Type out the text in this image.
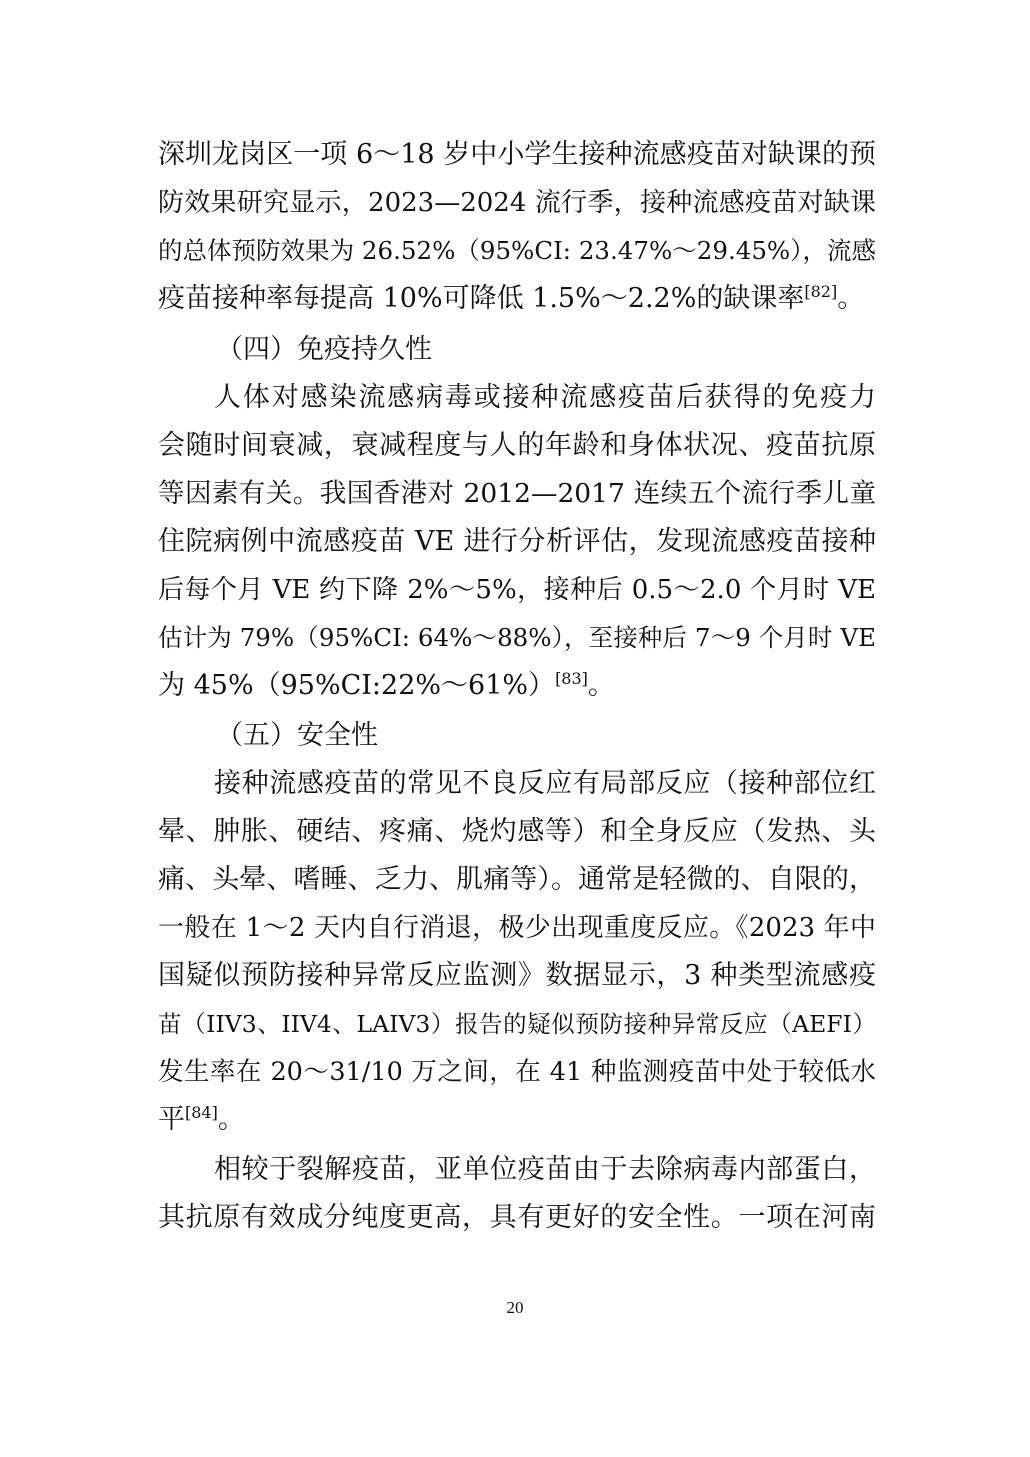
深圳龙岗区一项 6～18 岁中小学生接种流感疫苗对缺课的预
防效果研究显示，2023—2024 流行季，接种流感疫苗对缺课
的总体预防效果为 26.52%（95%CI: 23.47%～29.45%），流感
疫苗接种率每提高 10%可降低 1.5%～2.2%的缺课率[82]。
（四）免疫持久性
人体对感染流感病毒或接种流感疫苗后获得的免疫力
会随时间衰减，衰减程度与人的年龄和身体状况、疫苗抗原
等因素有关。我国香港对 2012—2017 连续五个流行季儿童
住院病例中流感疫苗 VE 进行分析评估，发现流感疫苗接种
后每个月 VE 约下降 2%～5%，接种后 0.5～2.0 个月时 VE
估计为 79%（95%CI: 64%～88%），至接种后 7～9 个月时 VE
为 45%（95%CI:22%～61%）[83]。
（五）安全性
接种流感疫苗的常见不良反应有局部反应（接种部位红
晕、肿胀、硬结、疼痛、烧灼感等）和全身反应（发热、头
痛、头晕、嗜睡、乏力、肌痛等）。通常是轻微的、自限的，
一般在 1～2 天内自行消退，极少出现重度反应。《2023 年中
国疑似预防接种异常反应监测》数据显示，3 种类型流感疫
苗（IIV3、IIV4、LAIV3）报告的疑似预防接种异常反应（AEFI）
发生率在 20～31/10 万之间，在 41 种监测疫苗中处于较低水
平[84]。
相较于裂解疫苗，亚单位疫苗由于去除病毒内部蛋白，
其抗原有效成分纯度更高，具有更好的安全性。一项在河南
20
